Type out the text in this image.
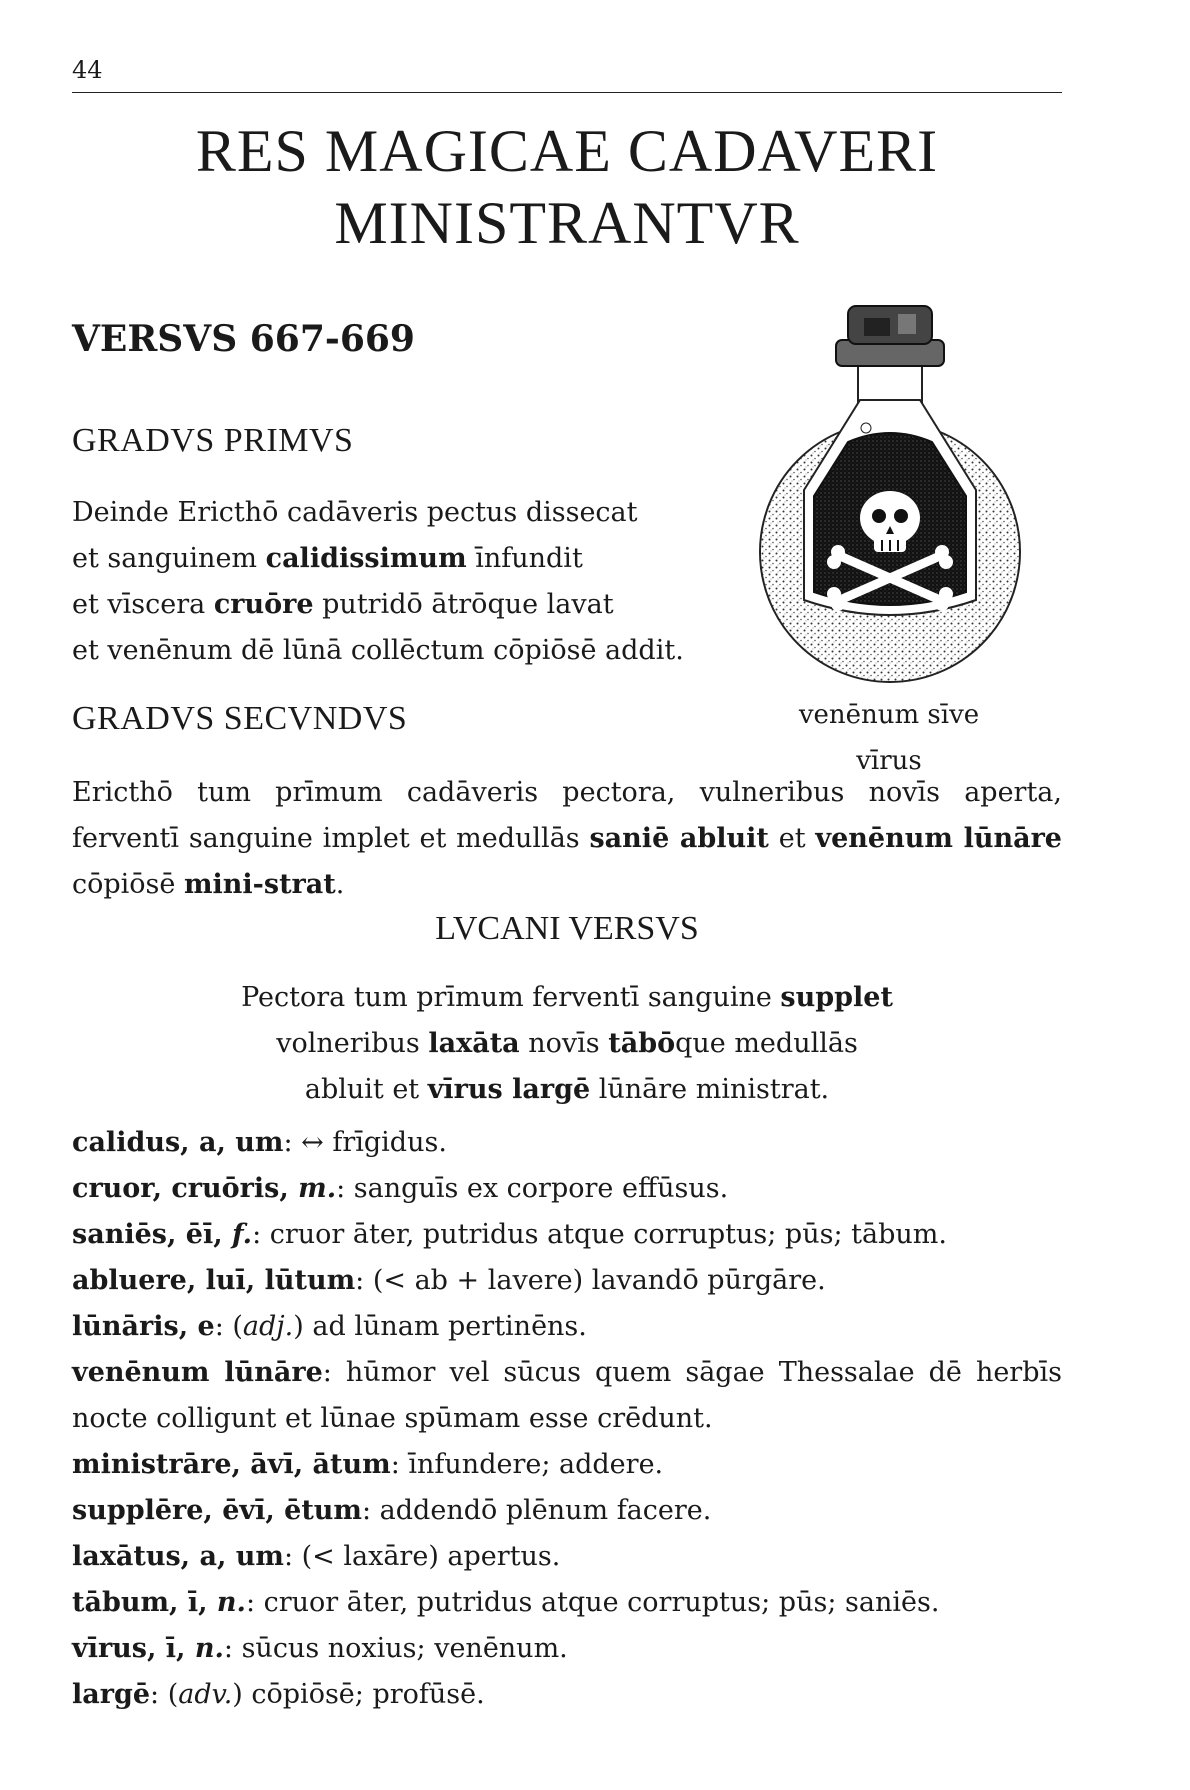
44
RES MAGICAE CADAVERI
MINISTRANTVR
VERSVS 667-669
GRADVS PRIMVS

Deinde Ericthō cadāveris pectus dissecat

et sanguinem calidissimum īnfundit

et vīscera cruōre putridō ātrōque lavat

et venēnum dē lūnā collēctum cōpiōsē addit.

venēnum sīve
vīrus
GRADVS SECVNDVS

Ericthō tum prīmum cadāveris pectora, vulneribus novīs aperta, ferventī sanguine implet et medullās saniē abluit et venēnum lūnāre cōpiōsē mini-strat.

LVCANI VERSVS

Pectora tum prīmum ferventī sanguine supplet

volneribus laxāta novīs tābōque medullās

abluit et vīrus largē lūnāre ministrat.

calidus, a, um: ↔ frīgidus.

cruor, cruōris, m.: sanguīs ex corpore effūsus.

saniēs, ēī, f.: cruor āter, putridus atque corruptus; pūs; tābum.

abluere, luī, lūtum: (< ab + lavere) lavandō pūrgāre.

lūnāris, e: (adj.) ad lūnam pertinēns.

venēnum lūnāre: hūmor vel sūcus quem sāgae Thessalae dē herbīs nocte colligunt et lūnae spūmam esse crēdunt.

ministrāre, āvī, ātum: īnfundere; addere.

supplēre, ēvī, ētum: addendō plēnum facere.

laxātus, a, um: (< laxāre) apertus.

tābum, ī, n.: cruor āter, putridus atque corruptus; pūs; saniēs.

vīrus, ī, n.: sūcus noxius; venēnum.

largē: (adv.) cōpiōsē; profūsē.
